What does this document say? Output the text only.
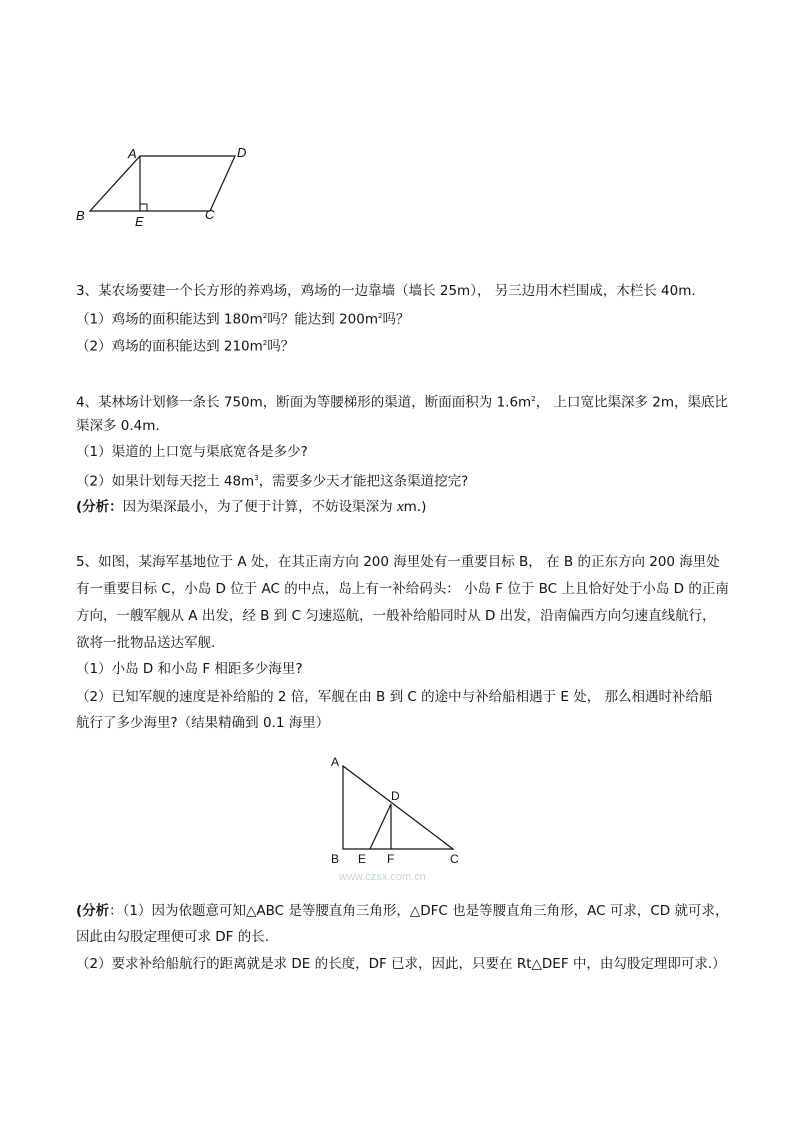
A	D
B	E	C
3、某农场要建一个长方形的养鸡场，鸡场的一边靠墙（墙长 25m）， 另三边用木栏围成，木栏长 40m.
（1）鸡场的面积能达到 $180m^2$吗？能达到 $200m^2$吗？
（2）鸡场的面积能达到 $210m^2$吗？
4、某林场计划修一条长 750m，断面为等腰梯形的渠道，断面面积为 $1.6m^2$， 上口宽比渠深多 2m，渠底比
渠深多 0.4m.
（1）渠道的上口宽与渠底宽各是多少?
（2）如果计划每天挖土 $48m^3$，需要多少天才能把这条渠道挖完?
(分析：因为渠深最小，为了便于计算，不妨设渠深为 xm.)
5、如图，某海军基地位于 A 处，在其正南方向 200 海里处有一重要目标 B， 在 B 的正东方向 200 海里处
有一重要目标 C，小岛 D 位于 AC 的中点，岛上有一补给码头： 小岛 F 位于 BC 上且恰好处于小岛 D 的正南
方向，一艘军舰从 A 出发，经 B 到 C 匀速巡航，一般补给船同时从 D 出发，沿南偏西方向匀速直线航行，
欲将一批物品送达军舰.
（1）小岛 D 和小岛 F 相距多少海里?
（2）已知军舰的速度是补给船的 2 倍，军舰在由 B 到 C 的途中与补给船相遇于 E 处， 那么相遇时补给船
航行了多少海里?（结果精确到 0.1 海里）
A
D
B E F	C
www.czsx.com.cn
(分析：（1）因为依题意可知△ABC 是等腰直角三角形，△DFC 也是等腰直角三角形，AC 可求，CD 就可求，
因此由勾股定理便可求 DF 的长.
（2）要求补给船航行的距离就是求 DE 的长度，DF 已求，因此，只要在 Rt△DEF 中，由勾股定理即可求.）
